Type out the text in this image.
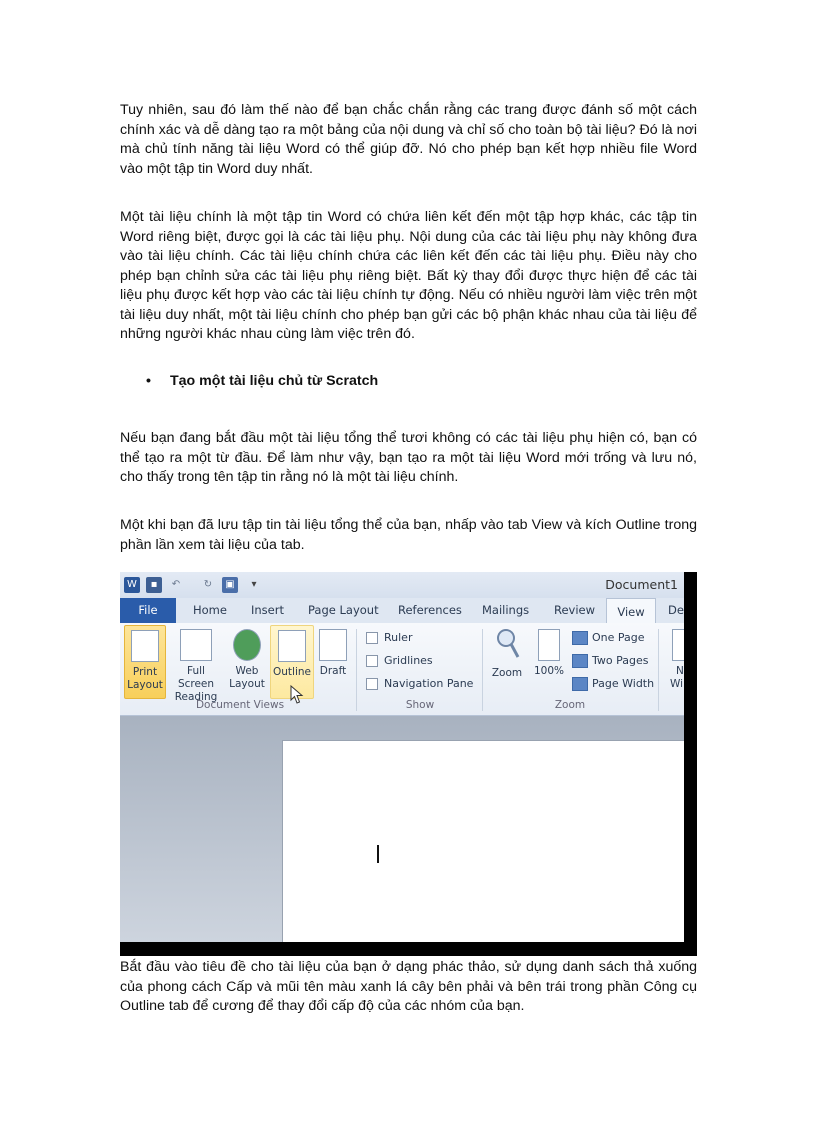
Tuy nhiên, sau đó làm thế nào để bạn chắc chắn rằng các trang được đánh số một cách chính xác và dễ dàng tạo ra một bảng của nội dung và chỉ số cho toàn bộ tài liệu? Đó là nơi mà chủ tính năng tài liệu Word có thể giúp đỡ. Nó cho phép bạn kết hợp nhiều file Word vào một tập tin Word duy nhất.

Một tài liệu chính là một tập tin Word có chứa liên kết đến một tập hợp khác, các tập tin Word riêng biệt, được gọi là các tài liệu phụ. Nội dung của các tài liệu phụ này không đưa vào tài liệu chính. Các tài liệu chính chứa các liên kết đến các tài liệu phụ. Điều này cho phép bạn chỉnh sửa các tài liệu phụ riêng biệt. Bất kỳ thay đổi được thực hiện để các tài liệu phụ được kết hợp vào các tài liệu chính tự động. Nếu có nhiều người làm việc trên một tài liệu duy nhất, một tài liệu chính cho phép bạn gửi các bộ phận khác nhau của tài liệu để những người khác nhau cùng làm việc trên đó.

• Tạo một tài liệu chủ từ Scratch

Nếu bạn đang bắt đầu một tài liệu tổng thể tươi không có các tài liệu phụ hiện có, bạn có thể tạo ra một từ đầu. Để làm như vậy, bạn tạo ra một tài liệu Word mới trống và lưu nó, cho thấy trong tên tập tin rằng nó là một tài liệu chính.

Một khi bạn đã lưu tập tin tài liệu tổng thể của bạn, nhấp vào tab View và kích Outline trong phần lần xem tài liệu của tab.

W	▪	↶	↻	▣	▾	Document1
File	Home Insert Page Layout References Mailings Review	View	De
Print
Layout
Full Screen
Reading
Web
Layout
Outline Draft
Document Views
Ruler
Gridlines
Navigation Pane
Show
Zoom	100%
One Page
Two Pages
Page Width
Zoom
N
Wi

Bắt đầu vào tiêu đề cho tài liệu của bạn ở dạng phác thảo, sử dụng danh sách thả xuống của phong cách Cấp và mũi tên màu xanh lá cây bên phải và bên trái trong phần Công cụ Outline tab để cương để thay đổi cấp độ của các nhóm của bạn.
